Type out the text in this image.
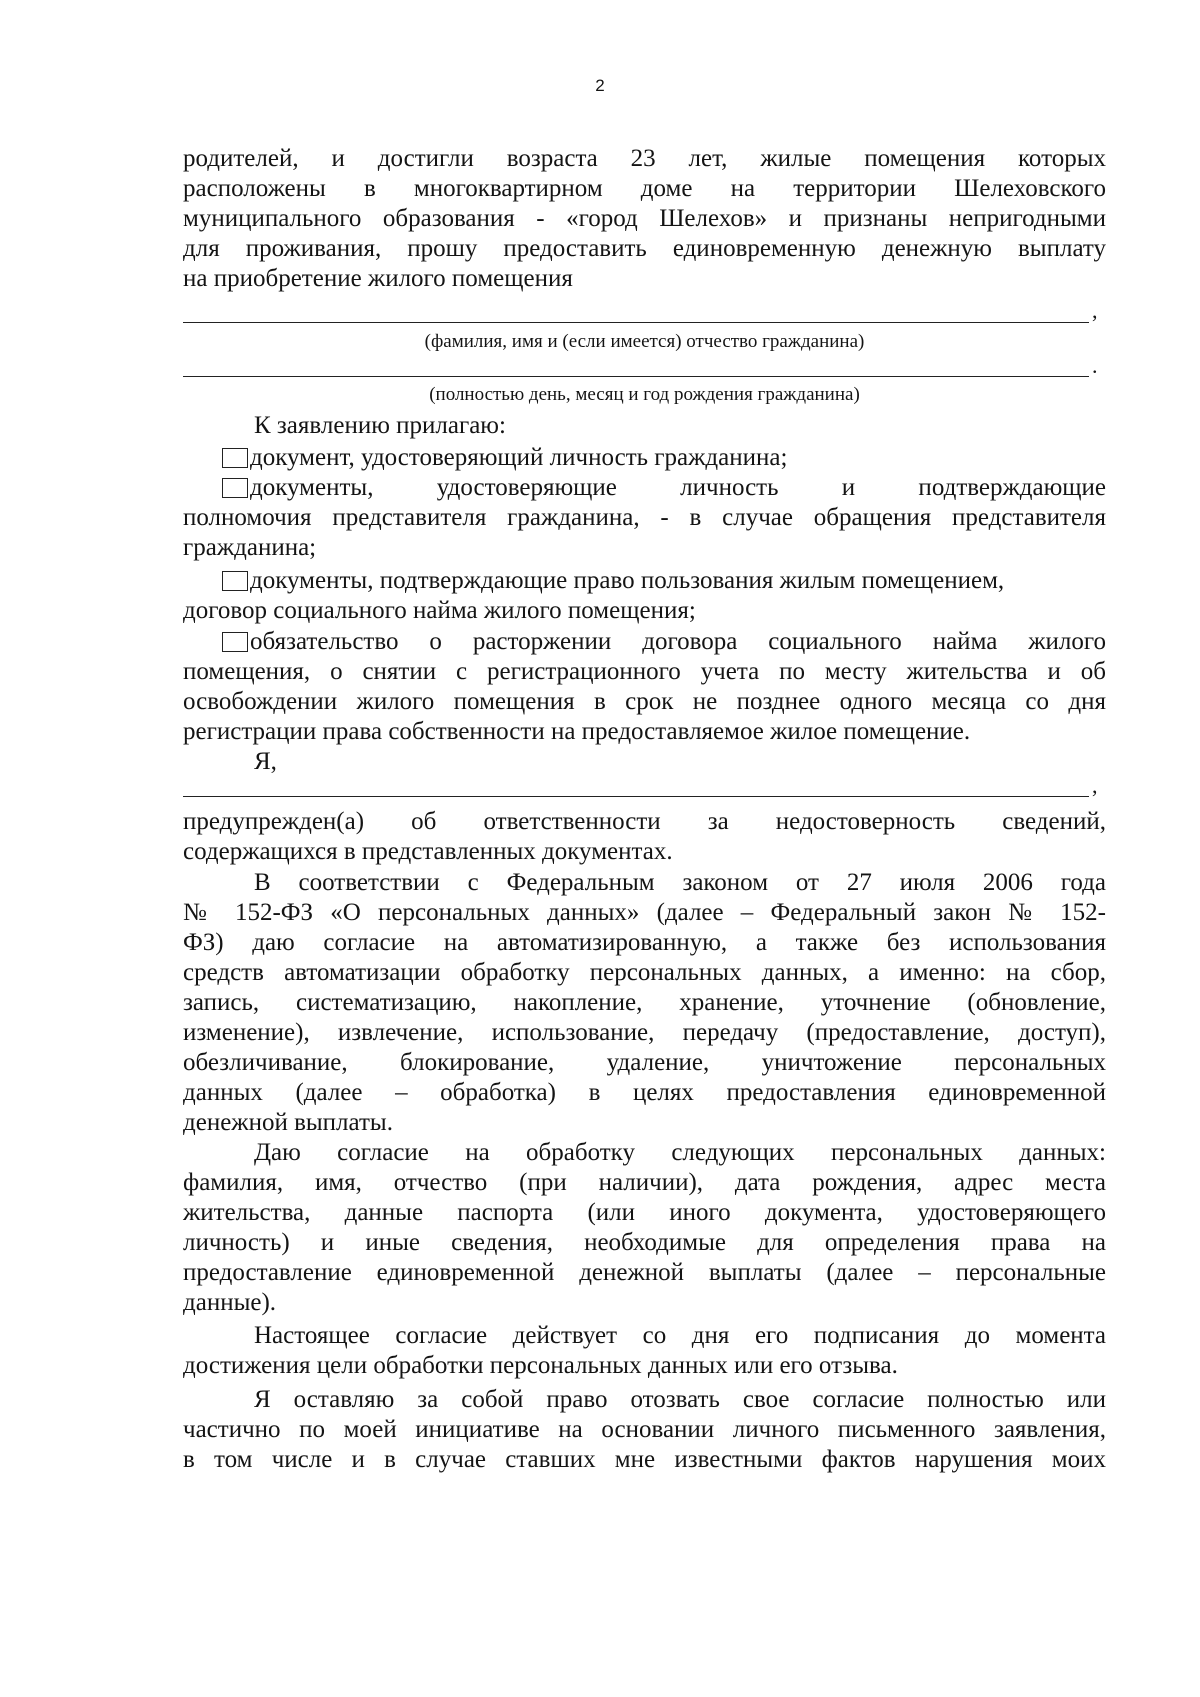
2
родителей, и достигли возраста 23 лет, жилые помещения которых
расположены в многоквартирном доме на территории Шелеховского
муниципального образования - «город Шелехов» и признаны непригодными
для проживания, прошу предоставить единовременную денежную выплату
на приобретение жилого помещения
,
(фамилия, имя и (если имеется) отчество гражданина)
.
(полностью день, месяц и год рождения гражданина)
К заявлению прилагаю:
документ, удостоверяющий личность гражданина;
документы, удостоверяющие личность и подтверждающие
полномочия представителя гражданина, - в случае обращения представителя
гражданина;
документы, подтверждающие право пользования жилым помещением,
договор социального найма жилого помещения;
обязательство о расторжении договора социального найма жилого
помещения, о снятии с регистрационного учета по месту жительства и об
освобождении жилого помещения в срок не позднее одного месяца со дня
регистрации права собственности на предоставляемое жилое помещение.
Я,
,
предупрежден(а) об ответственности за недостоверность сведений,
содержащихся в представленных документах.
В соответствии с Федеральным законом от 27 июля 2006 года
№ 152-ФЗ «О персональных данных» (далее – Федеральный закон № 152-
ФЗ) даю согласие на автоматизированную, а также без использования
средств автоматизации обработку персональных данных, а именно: на сбор,
запись, систематизацию, накопление, хранение, уточнение (обновление,
изменение), извлечение, использование, передачу (предоставление, доступ),
обезличивание, блокирование, удаление, уничтожение персональных
данных (далее – обработка) в целях предоставления единовременной
денежной выплаты.
Даю согласие на обработку следующих персональных данных:
фамилия, имя, отчество (при наличии), дата рождения, адрес места
жительства, данные паспорта (или иного документа, удостоверяющего
личность) и иные сведения, необходимые для определения права на
предоставление единовременной денежной выплаты (далее – персональные
данные).
Настоящее согласие действует со дня его подписания до момента
достижения цели обработки персональных данных или его отзыва.
Я оставляю за собой право отозвать свое согласие полностью или
частично по моей инициативе на основании личного письменного заявления,
в том числе и в случае ставших мне известными фактов нарушения моих
